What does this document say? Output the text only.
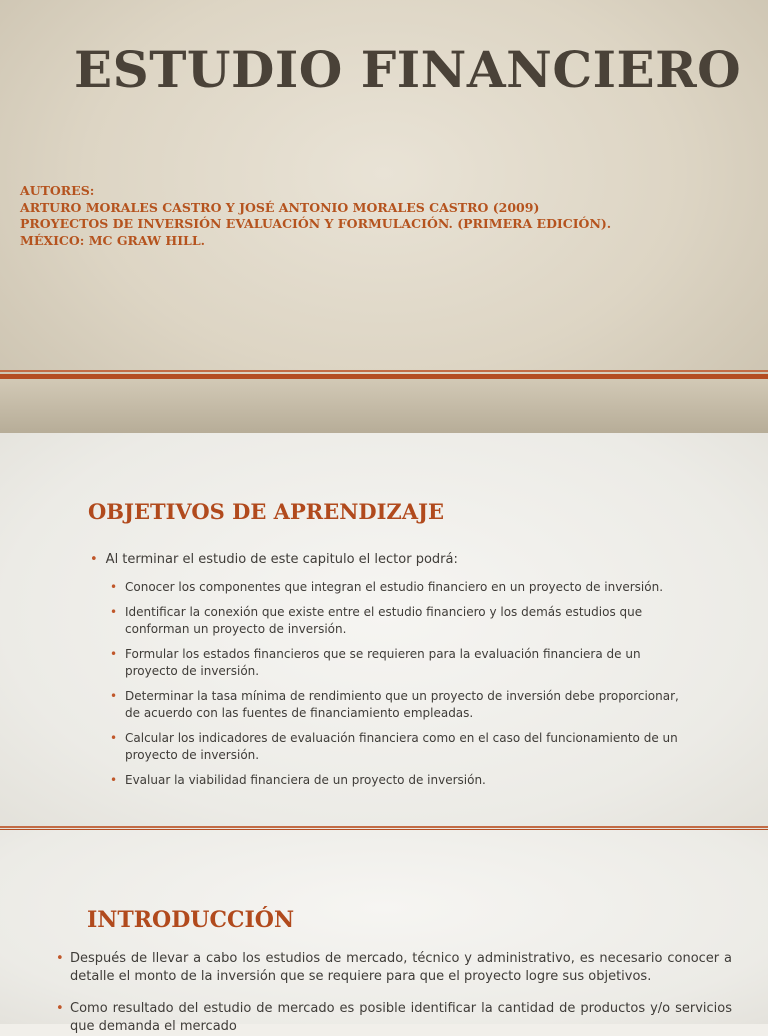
ESTUDIO FINANCIERO
AUTORES:
ARTURO MORALES CASTRO Y JOSÉ ANTONIO MORALES CASTRO (2009)
PROYECTOS DE INVERSIÓN EVALUACIÓN Y FORMULACIÓN. (PRIMERA EDICIÓN).
MÉXICO: MC GRAW HILL.
OBJETIVOS DE APRENDIZAJE
• Al terminar el estudio de este capitulo el lector podrá:
• Conocer los componentes que integran el estudio financiero en un proyecto de inversión.
• Identificar la conexión que existe entre el estudio financiero y los demás estudios que conforman un proyecto de inversión.
• Formular los estados financieros que se requieren para la evaluación financiera de un proyecto de inversión.
• Determinar la tasa mínima de rendimiento que un proyecto de inversión debe proporcionar, de acuerdo con las fuentes de financiamiento empleadas.
• Calcular los indicadores de evaluación financiera como en el caso del funcionamiento de un proyecto de inversión.
• Evaluar la viabilidad financiera de un proyecto de inversión.
INTRODUCCIÓN
• Después de llevar a cabo los estudios de mercado, técnico y administrativo, es necesario conocer a detalle el monto de la inversión que se requiere para que el proyecto logre sus objetivos.
• Como resultado del estudio de mercado es posible identificar la cantidad de productos y/o servicios que demanda el mercado
